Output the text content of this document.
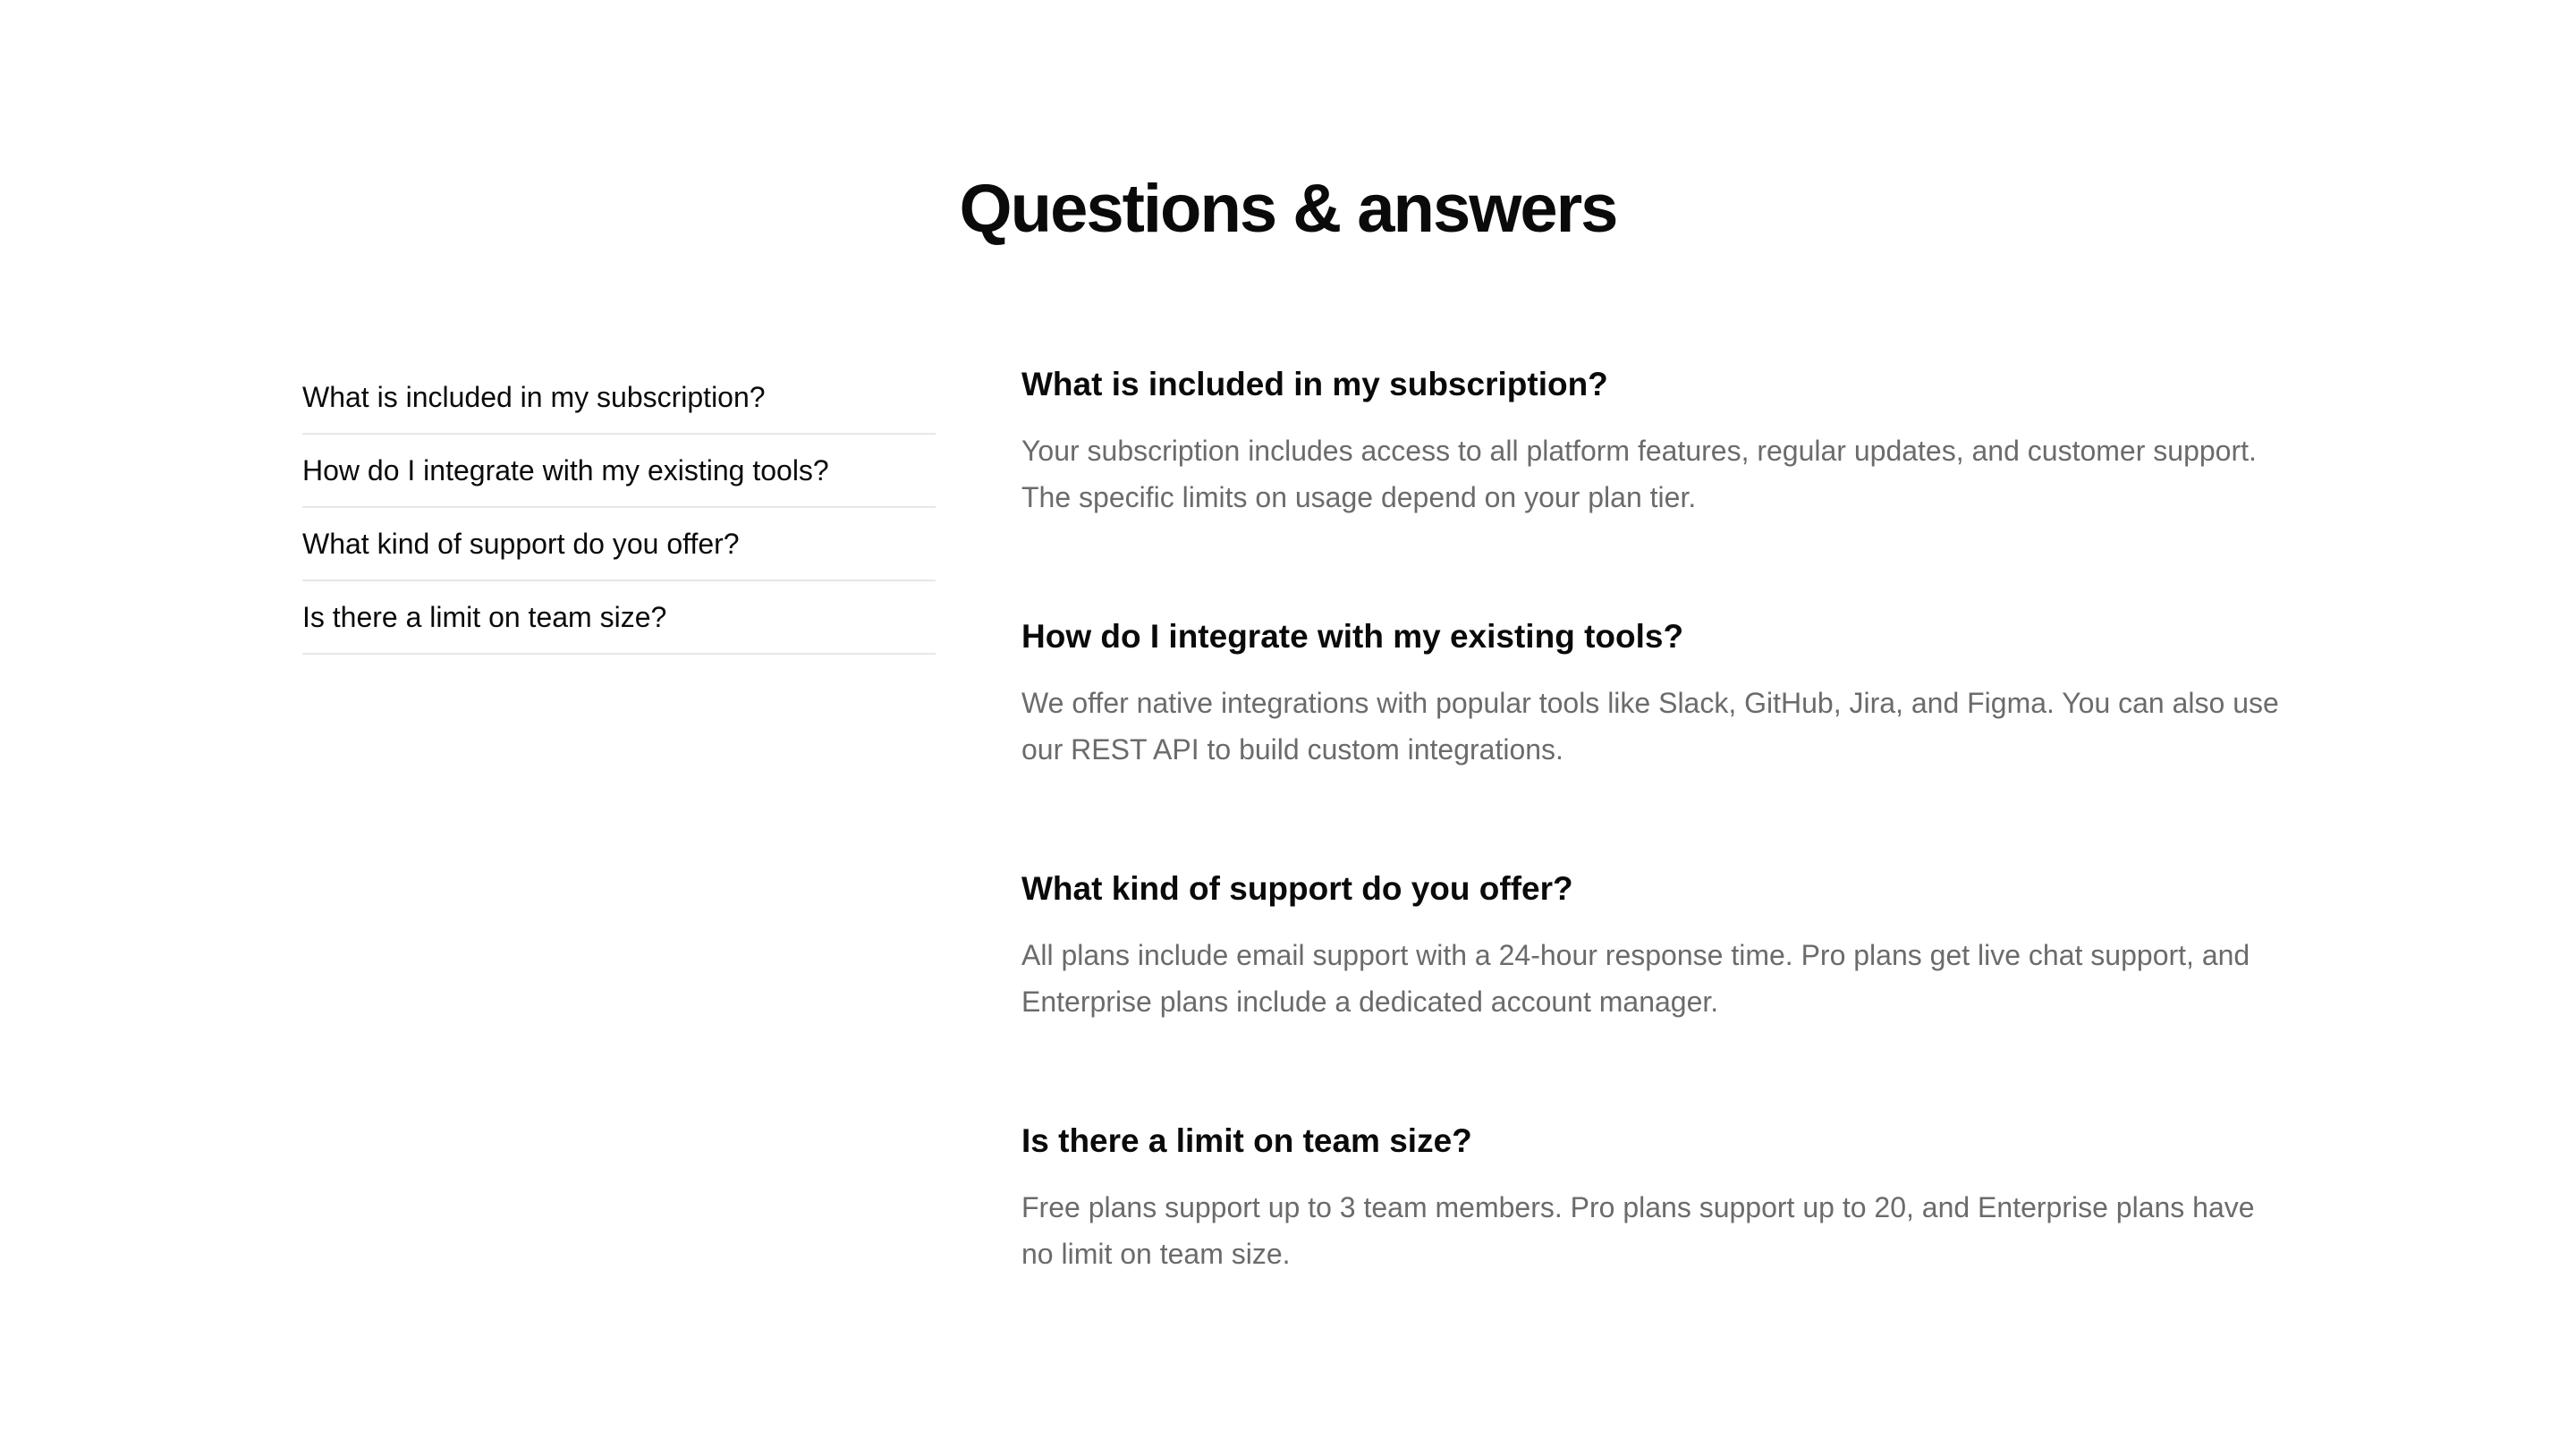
Questions & answers
What is included in my subscription?
How do I integrate with my existing tools?
What kind of support do you offer?
Is there a limit on team size?
What is included in my subscription?

Your subscription includes access to all platform features, regular updates, and customer support. The specific limits on usage depend on your plan tier.

How do I integrate with my existing tools?

We offer native integrations with popular tools like Slack, GitHub, Jira, and Figma. You can also use our REST API to build custom integrations.

What kind of support do you offer?

All plans include email support with a 24-hour response time. Pro plans get live chat support, and Enterprise plans include a dedicated account manager.

Is there a limit on team size?

Free plans support up to 3 team members. Pro plans support up to 20, and Enterprise plans have no limit on team size.
